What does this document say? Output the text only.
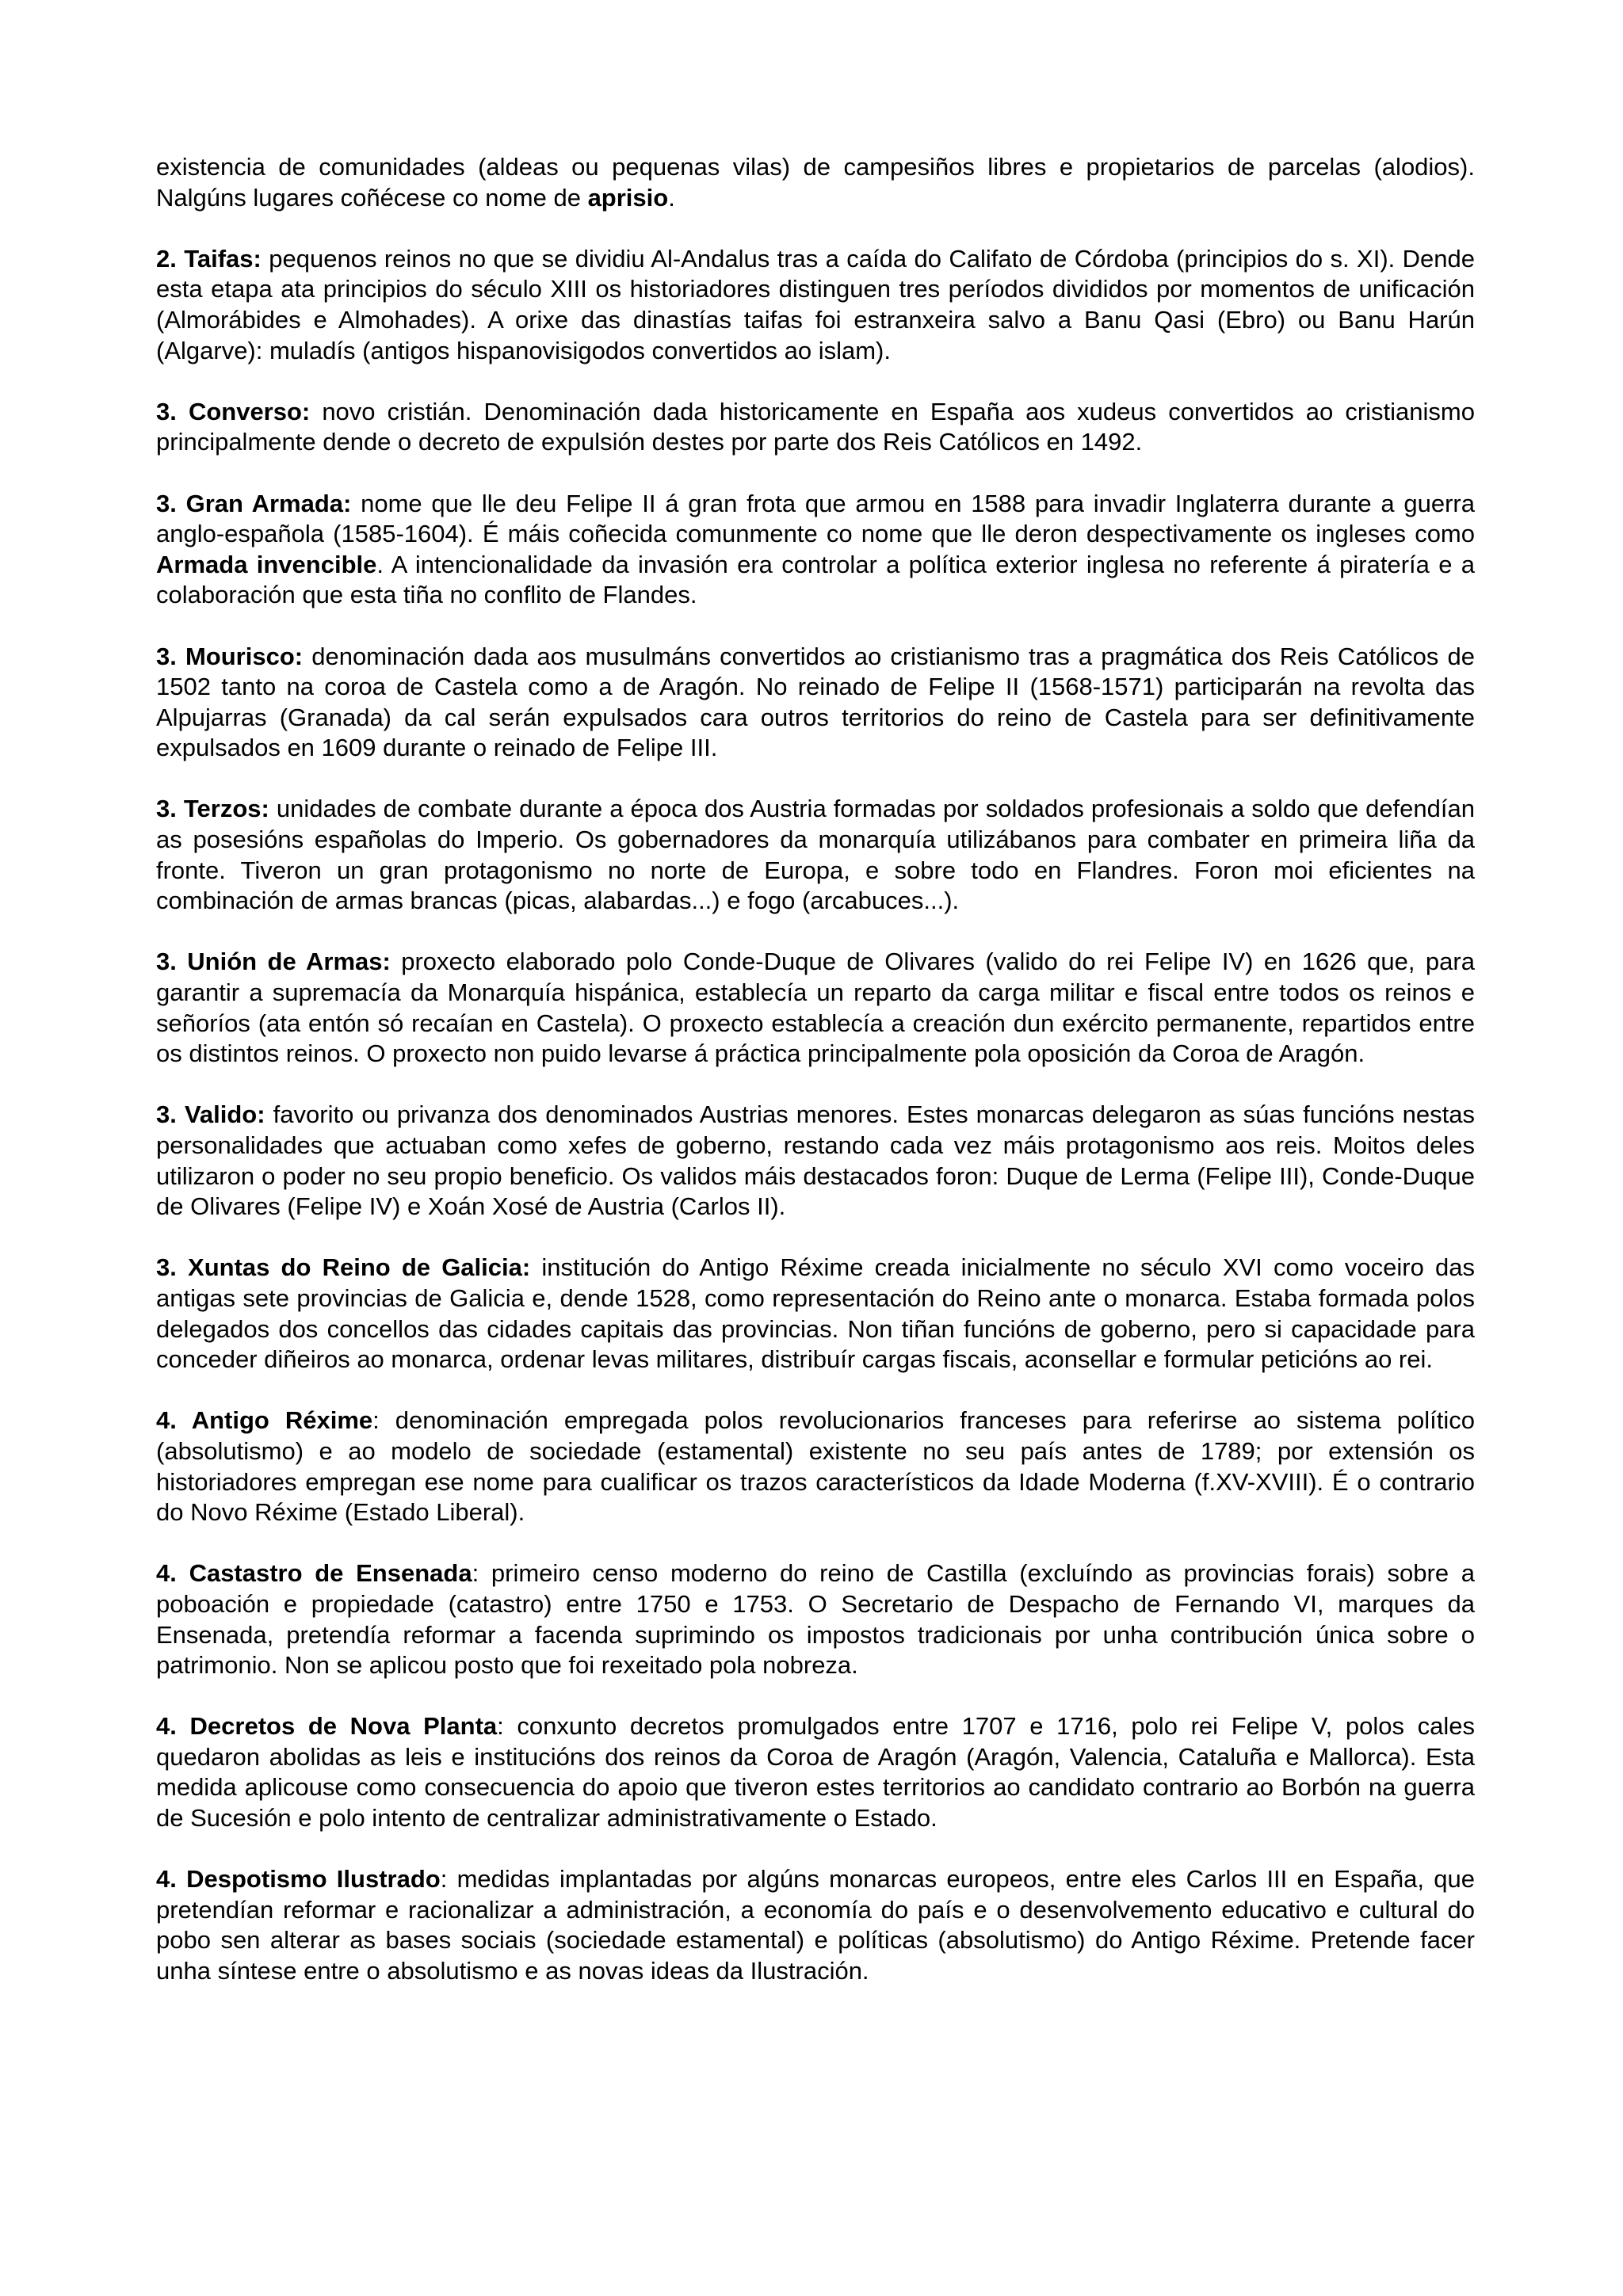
existencia de comunidades (aldeas ou pequenas vilas) de campesiños libres e propietarios de parcelas (alodios). Nalgúns lugares coñécese co nome de aprisio.

2. Taifas: pequenos reinos no que se dividiu Al-Andalus tras a caída do Califato de Córdoba (principios do s. XI). Dende esta etapa ata principios do século XIII os historiadores distinguen tres períodos divididos por momentos de unificación (Almorábides e Almohades). A orixe das dinastías taifas foi estranxeira salvo a Banu Qasi (Ebro) ou Banu Harún (Algarve): muladís (antigos hispanovisigodos convertidos ao islam).

3. Converso: novo cristián. Denominación dada historicamente en España aos xudeus convertidos ao cristianismo principalmente dende o decreto de expulsión destes por parte dos Reis Católicos en 1492.

3. Gran Armada: nome que lle deu Felipe II á gran frota que armou en 1588 para invadir Inglaterra durante a guerra anglo-española (1585-1604). É máis coñecida comunmente co nome que lle deron despectivamente os ingleses como Armada invencible. A intencionalidade da invasión era controlar a política exterior inglesa no referente á piratería e a colaboración que esta tiña no conflito de Flandes.

3. Mourisco: denominación dada aos musulmáns convertidos ao cristianismo tras a pragmática dos Reis Católicos de 1502 tanto na coroa de Castela como a de Aragón. No reinado de Felipe II (1568-1571) participarán na revolta das Alpujarras (Granada) da cal serán expulsados cara outros territorios do reino de Castela para ser definitivamente expulsados en 1609 durante o reinado de Felipe III.

3. Terzos: unidades de combate durante a época dos Austria formadas por soldados profesionais a soldo que defendían as posesións españolas do Imperio. Os gobernadores da monarquía utilizábanos para combater en primeira liña da fronte. Tiveron un gran protagonismo no norte de Europa, e sobre todo en Flandres. Foron moi eficientes na combinación de armas brancas (picas, alabardas...) e fogo (arcabuces...).

3. Unión de Armas: proxecto elaborado polo Conde-Duque de Olivares (valido do rei Felipe IV) en 1626 que, para garantir a supremacía da Monarquía hispánica, establecía un reparto da carga militar e fiscal entre todos os reinos e señoríos (ata entón só recaían en Castela). O proxecto establecía a creación dun exército permanente, repartidos entre os distintos reinos. O proxecto non puido levarse á práctica principalmente pola oposición da Coroa de Aragón.

3. Valido: favorito ou privanza dos denominados Austrias menores. Estes monarcas delegaron as súas funcións nestas personalidades que actuaban como xefes de goberno, restando cada vez máis protagonismo aos reis. Moitos deles utilizaron o poder no seu propio beneficio. Os validos máis destacados foron: Duque de Lerma (Felipe III), Conde-Duque de Olivares (Felipe IV) e Xoán Xosé de Austria (Carlos II).

3. Xuntas do Reino de Galicia: institución do Antigo Réxime creada inicialmente no século XVI como voceiro das antigas sete provincias de Galicia e, dende 1528, como representación do Reino ante o monarca. Estaba formada polos delegados dos concellos das cidades capitais das provincias. Non tiñan funcións de goberno, pero si capacidade para conceder diñeiros ao monarca, ordenar levas militares, distribuír cargas fiscais, aconsellar e formular peticións ao rei.

4. Antigo Réxime: denominación empregada polos revolucionarios franceses para referirse ao sistema político (absolutismo) e ao modelo de sociedade (estamental) existente no seu país antes de 1789; por extensión os historiadores empregan ese nome para cualificar os trazos característicos da Idade Moderna (f.XV-XVIII). É o contrario do Novo Réxime (Estado Liberal).

4. Castastro de Ensenada: primeiro censo moderno do reino de Castilla (excluíndo as provincias forais) sobre a poboación e propiedade (catastro) entre 1750 e 1753. O Secretario de Despacho de Fernando VI, marques da Ensenada, pretendía reformar a facenda suprimindo os impostos tradicionais por unha contribución única sobre o patrimonio. Non se aplicou posto que foi rexeitado pola nobreza.

4. Decretos de Nova Planta: conxunto decretos promulgados entre 1707 e 1716, polo rei Felipe V, polos cales quedaron abolidas as leis e institucións dos reinos da Coroa de Aragón (Aragón, Valencia, Cataluña e Mallorca). Esta medida aplicouse como consecuencia do apoio que tiveron estes territorios ao candidato contrario ao Borbón na guerra de Sucesión e polo intento de centralizar administrativamente o Estado.

4. Despotismo Ilustrado: medidas implantadas por algúns monarcas europeos, entre eles Carlos III en España, que pretendían reformar e racionalizar a administración, a economía do país e o desenvolvemento educativo e cultural do pobo sen alterar as bases sociais (sociedade estamental) e políticas (absolutismo) do Antigo Réxime. Pretende facer unha síntese entre o absolutismo e as novas ideas da Ilustración.
